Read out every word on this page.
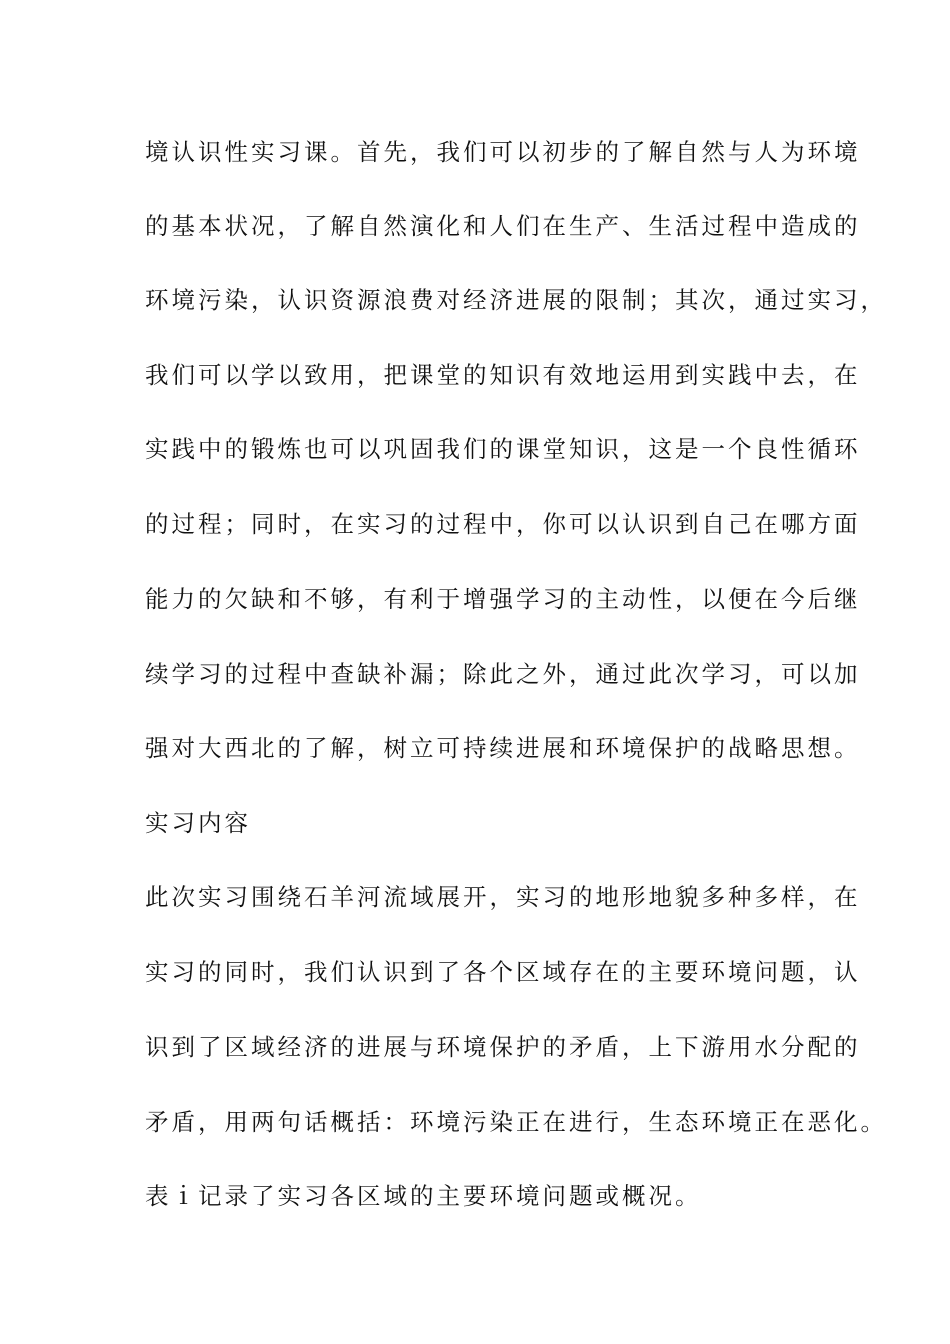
境认识性实习课。首先，我们可以初步的了解自然与人为环境
的基本状况，了解自然演化和人们在生产、生活过程中造成的
环境污染，认识资源浪费对经济进展的限制；其次，通过实习，
我们可以学以致用，把课堂的知识有效地运用到实践中去，在
实践中的锻炼也可以巩固我们的课堂知识，这是一个良性循环
的过程；同时，在实习的过程中，你可以认识到自己在哪方面
能力的欠缺和不够，有利于增强学习的主动性，以便在今后继
续学习的过程中查缺补漏；除此之外，通过此次学习，可以加
强对大西北的了解，树立可持续进展和环境保护的战略思想。
实习内容
此次实习围绕石羊河流域展开，实习的地形地貌多种多样，在
实习的同时，我们认识到了各个区域存在的主要环境问题，认
识到了区域经济的进展与环境保护的矛盾，上下游用水分配的
矛盾，用两句话概括：环境污染正在进行，生态环境正在恶化。
表ｉ记录了实习各区域的主要环境问题或概况。
